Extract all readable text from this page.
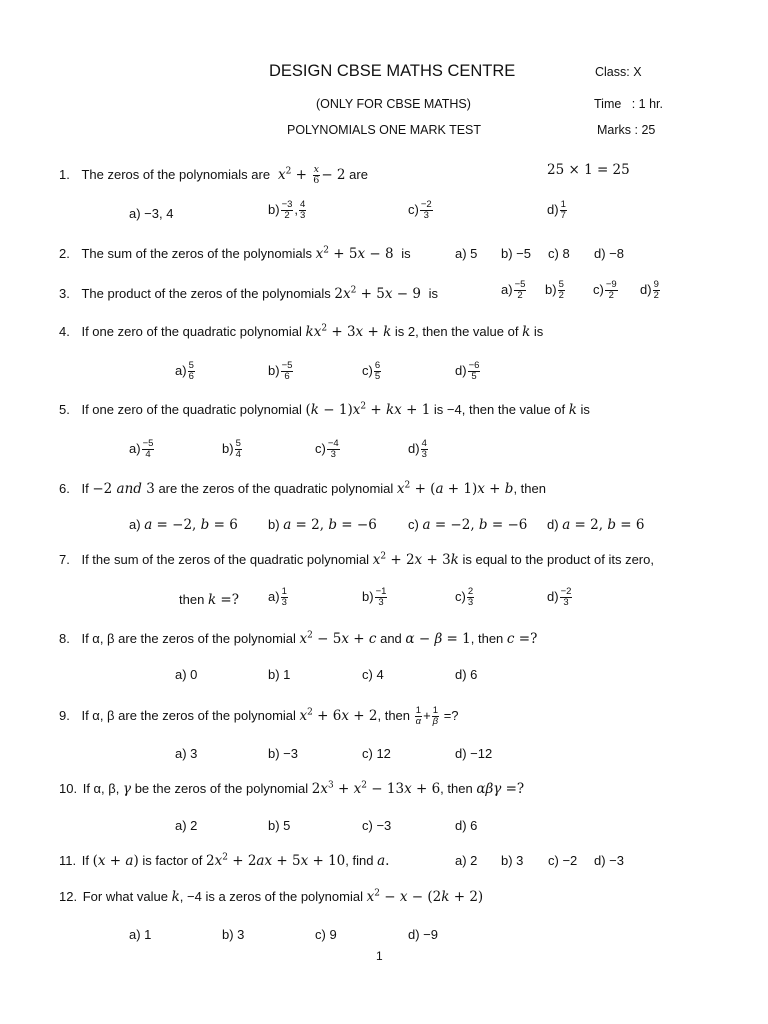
DESIGN CBSE MATHS CENTRE	Class: X
(ONLY FOR CBSE MATHS)	Time   : 1 hr.
POLYNOMIALS ONE MARK TEST	Marks : 25
1. The zeros of the polynomials are $x^2 + \frac{x}{6} - 2$ are	25 × 1 = 25
a) −3, 4	$b) \frac{-3}{2}$ , $\frac{4}{3}$	$c) \frac{-2}{3}$	$d) \frac{1}{7}$
2. The sum of the zeros of the polynomials $x^2 + 5x - 8$ is	a) 5 b) −5 c) 8 d) −8
3. The product of the zeros of the polynomials $2x^2 + 5x - 9$ is	$a) \frac{-5}{2} b) \frac{5}{2} c) \frac{-9}{2} d) \frac{9}{2}$
4. If one zero of the quadratic polynomial $kx^2 + 3x + k$ is 2, then the value of k is
$a) \frac{5}{6}$	$b) \frac{-5}{6}$	$c) \frac{6}{5}$	$d) \frac{-6}{5}$
5. If one zero of the quadratic polynomial $(k - 1)x^2$ + kx + 1 is −4, then the value of k is
$a) \frac{-5}{4}$	$b) \frac{5}{4}$	$c) \frac{-4}{3}$	$d) \frac{4}{3}$
6. If −2 and 3 are the zeros of the quadratic polynomial $x^2 + (a + 1)x + b$, then
a) a = −2, b = 6 b) a = 2, b = −6 c) a = −2, b = −6 d) a = 2, b = 6
7. If the sum of the zeros of the quadratic polynomial $x^2 + 2x + 3k$ is equal to the product of its zero,
then k =? $a) \frac{1}{3}$	$b) \frac{-1}{3}$	$c) \frac{2}{3}$	$d) \frac{-2}{3}$
8. If α, β are the zeros of the polynomial $x^2 - 5x + c$ and α − β = 1, then c =?
a) 0	b) 1	c) 4	d) 6
9. If α, β are the zeros of the polynomial $x^2 + 6x + 2$, then $\frac{1}{\alpha} + \frac{1}{\beta}$ =?
a) 3	b) −3	c) 12	d) −12
10. If α, β, γ be the zeros of the polynomial $2x^3 + x^2 - 13x + 6$, then αβγ =?
a) 2	b) 5	c) −3	d) 6
11. If (x + a) is factor of $2x^2 + 2ax + 5x + 10$, find a.	a) 2 b) 3 c) −2 d) −3
12. For what value k, −4 is a zeros of the polynomial $x^2 - x - (2k + 2)$
a) 1	b) 3	c) 9	d) −9
1
